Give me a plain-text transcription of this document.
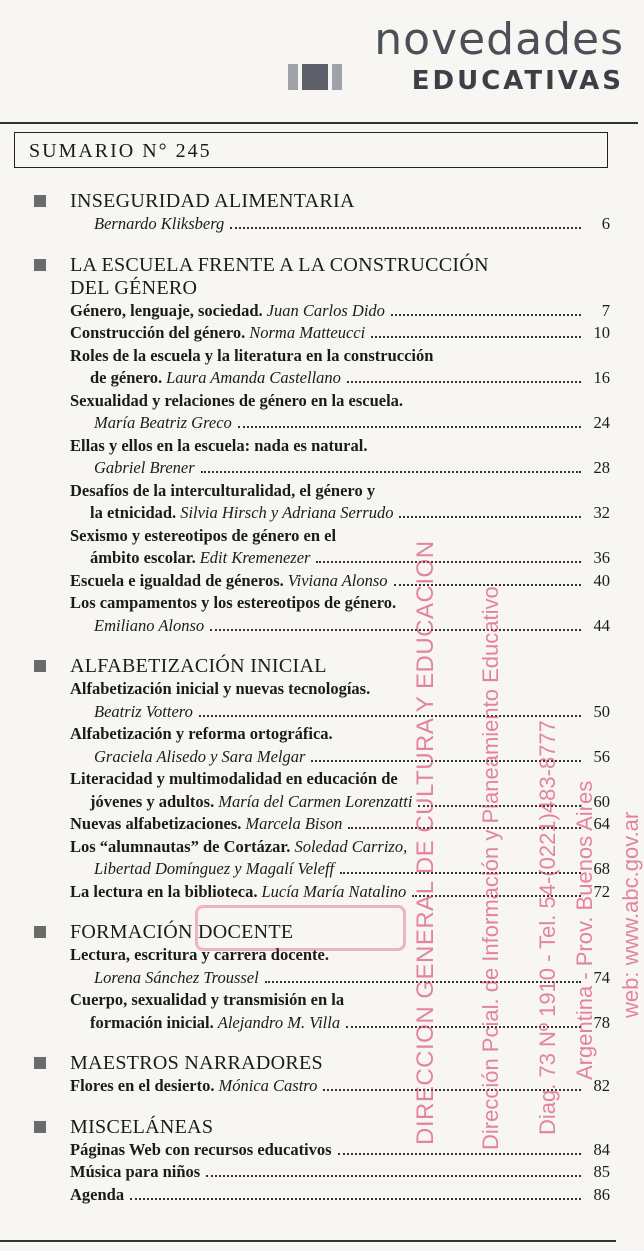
novedades
EDUCATIVAS
SUMARIO N° 245
INSEGURIDAD ALIMENTARIA
Bernardo Kliksberg	6
LA ESCUELA FRENTE A LA CONSTRUCCIÓN
DEL GÉNERO
Género, lenguaje, sociedad. Juan Carlos Dido	7
Construcción del género. Norma Matteucci	10
Roles de la escuela y la literatura en la construcción
de género. Laura Amanda Castellano	16
Sexualidad y relaciones de género en la escuela.
María Beatriz Greco	24
Ellas y ellos en la escuela: nada es natural.
Gabriel Brener	28
Desafíos de la interculturalidad, el género y
la etnicidad. Silvia Hirsch y Adriana Serrudo	32
Sexismo y estereotipos de género en el
ámbito escolar. Edit Kremenezer	36
Escuela e igualdad de géneros. Viviana Alonso	40
Los campamentos y los estereotipos de género.
Emiliano Alonso	44
ALFABETIZACIÓN INICIAL
Alfabetización inicial y nuevas tecnologías.
Beatriz Vottero	50
Alfabetización y reforma ortográfica.
Graciela Alisedo y Sara Melgar	56
Literacidad y multimodalidad en educación de
jóvenes y adultos. María del Carmen Lorenzatti	60
Nuevas alfabetizaciones. Marcela Bison	64
Los “alumnautas” de Cortázar. Soledad Carrizo,
Libertad Domínguez y Magalí Veleff	68
La lectura en la biblioteca. Lucía María Natalino	72
FORMACIÓN DOCENTE
Lectura, escritura y carrera docente.
Lorena Sánchez Troussel	74
Cuerpo, sexualidad y transmisión en la
formación inicial. Alejandro M. Villa	78
MAESTROS NARRADORES
Flores en el desierto. Mónica Castro	82
MISCELÁNEAS
Páginas Web con recursos educativos	84
Música para niños	85
Agenda	86
DIRECCION GENERAL DE CULTURA Y EDUCACION Dirección Pcial. de Información y Planeamiento Educativo Diag. 73 Nº 1910 - Tel. 54-(0221)483-8777 Argentina - Prov. Buenos Aires web: www.abc.gov.ar
